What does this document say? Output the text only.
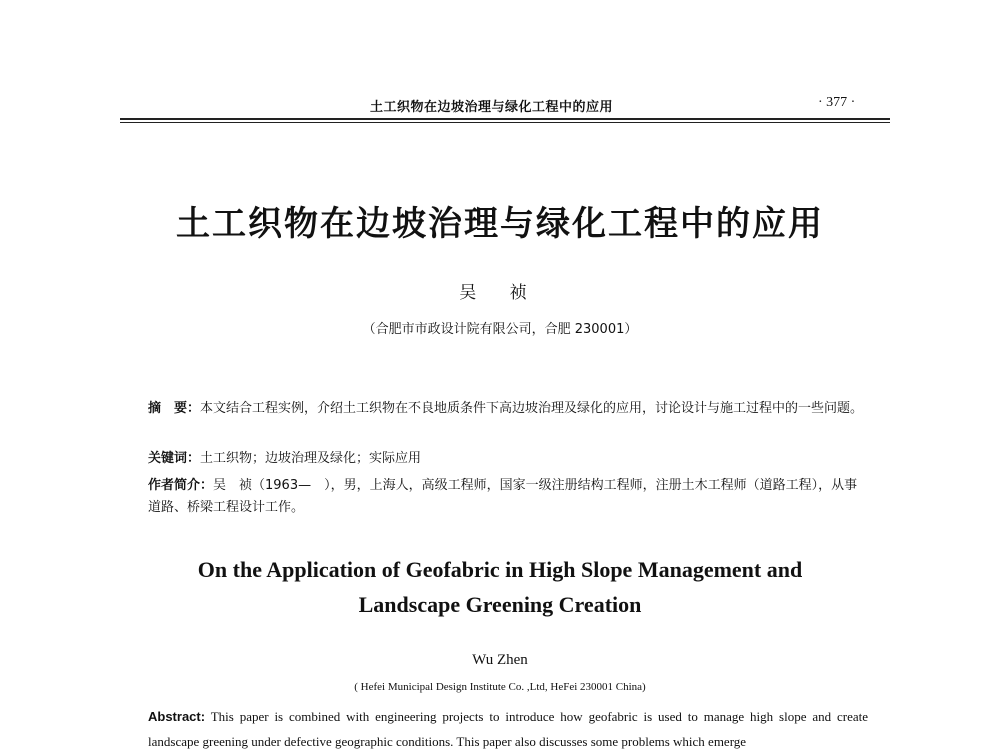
土工织物在边坡治理与绿化工程中的应用	· 377 ·
土工织物在边坡治理与绿化工程中的应用
吴 祯
（合肥市市政设计院有限公司，合肥 230001）
摘　要：本文结合工程实例，介绍土工织物在不良地质条件下高边坡治理及绿化的应用，讨论设计与施工过程中的一些问题。
关键词：土工织物；边坡治理及绿化；实际应用
作者简介：吴　祯（1963—　），男，上海人，高级工程师，国家一级注册结构工程师，注册土木工程师（道路工程），从事道路、桥梁工程设计工作。
On the Application of Geofabric in High Slope Management and
Landscape Greening Creation
Wu Zhen
( Hefei Municipal Design Institute Co. ,Ltd, HeFei 230001 China)
Abstract: This paper is combined with engineering projects to introduce how geofabric is used to manage high slope and create landscape greening under defective geographic conditions. This paper also discusses some problems which emerge
